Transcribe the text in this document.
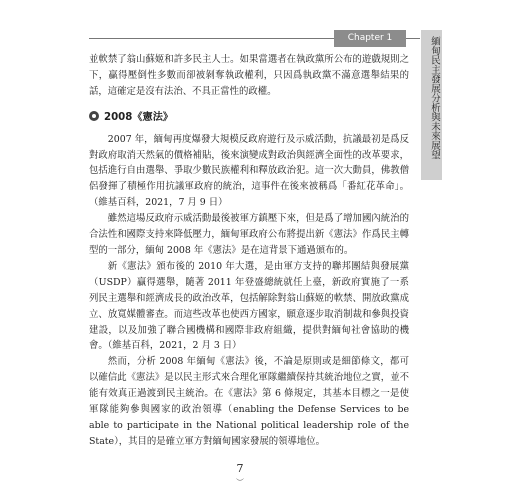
Chapter 1	緬甸民主發展分析與未來展望

並軟禁了翁山蘇姬和許多民主人士。如果當選者在執政黨所公布的遊戲規則之下，贏得壓倒性多數而卻被剝奪執政權利，只因爲執政黨不滿意選舉結果的話，這確定是沒有法治、不具正當性的政權。

2008《憲法》

2007 年，緬甸再度爆發大規模反政府遊行及示威活動，抗議最初是爲反對政府取消天然氣的價格補貼，後來演變成對政治與經濟全面性的改革要求，包括進行自由選舉、爭取少數民族權利和釋放政治犯。這一次大動員，佛教僧侶發揮了積極作用抗議軍政府的統治，這事件在後來被稱爲「番紅花革命」。（維基百科，2021，7 月 9 日）

雖然這場反政府示威活動最後被軍方鎮壓下來，但是爲了增加國內統治的合法性和國際支持來降低壓力，緬甸軍政府公布將提出新《憲法》作爲民主轉型的一部分，緬甸 2008 年《憲法》是在這背景下通過頒布的。

新《憲法》頒布後的 2010 年大選，是由軍方支持的聯邦團結與發展黨（USDP）贏得選舉，隨著 2011 年登盛總統就任上臺，新政府實施了一系列民主選舉和經濟成長的政治改革，包括解除對翁山蘇姬的軟禁、開放政黨成立、放寬媒體審查。而這些改革也使西方國家，願意逐步取消制裁和參與投資建設，以及加強了聯合國機構和國際非政府組織，提供對緬甸社會協助的機會。（維基百科，2021，2 月 3 日）

然而，分析 2008 年緬甸《憲法》後，不論是原則或是細節條文，都可以確信此《憲法》是以民主形式來合理化軍隊繼續保持其統治地位之實，並不能有效真正過渡到民主統治。在《憲法》第 6 條規定，其基本目標之一是使軍隊能夠參與國家的政治領導（enabling the Defense Services to be able to participate in the National political leadership role of the State），其目的是確立軍方對緬甸國家發展的領導地位。

7
︶
